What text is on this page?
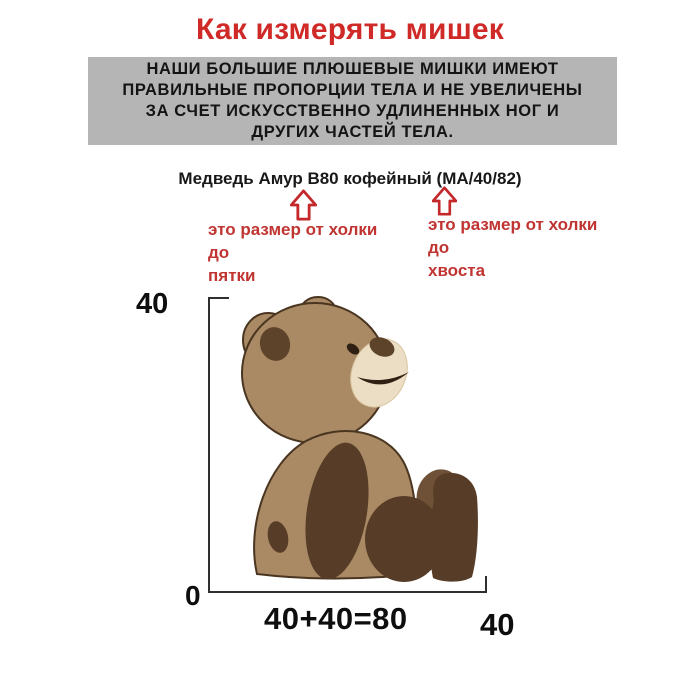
Как измерять мишек
НАШИ БОЛЬШИЕ ПЛЮШЕВЫЕ МИШКИ ИМЕЮТ
ПРАВИЛЬНЫЕ ПРОПОРЦИИ ТЕЛА И НЕ УВЕЛИЧЕНЫ
ЗА СЧЕТ ИСКУССТВЕННО УДЛИНЕННЫХ НОГ И
ДРУГИХ ЧАСТЕЙ ТЕЛА.
Медведь Амур В80 кофейный (МА/40/82)
это размер от холки до
пятки
это размер от холки до
хвоста
40
0
40+40=80 40
